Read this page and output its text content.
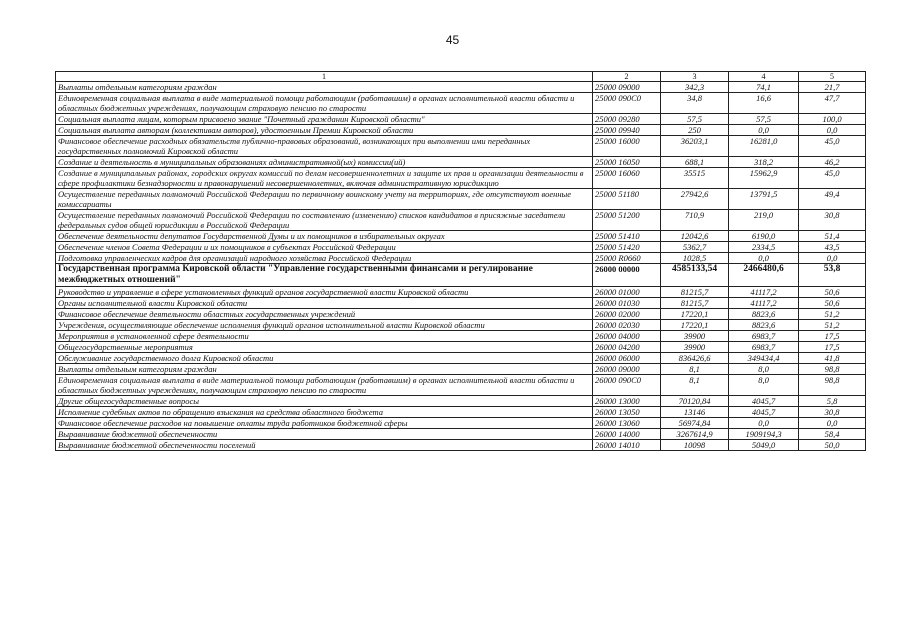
45
1	2	3	4	5
Выплаты отдельным категориям граждан	25000 09000	342,3	74,1	21,7
Единовременная социальная выплата в виде материальной помощи работающим (работавшим) в органах исполнительной власти области и областных бюджетных учреждениях, получающим страховую пенсию по старости	25000 090C0	34,8	16,6	47,7
Социальная выплата лицам, которым присвоено звание "Почетный гражданин Кировской области"	25000 09280	57,5	57,5	100,0
Социальная выплата авторам (коллективам авторов), удостоенным Премии Кировской области	25000 09940	250	0,0	0,0
Финансовое обеспечение расходных обязательств публично-правовых образований, возникающих при выполнении ими переданных государственных полномочий Кировской области	25000 16000	36203,1	16281,0	45,0
Создание и деятельность в муниципальных образованиях административной(ых) комиссии(ий)	25000 16050	688,1	318,2	46,2
Создание в муниципальных районах, городских округах комиссий по делам несовершеннолетних и защите их прав и организации деятельности в сфере профилактики безнадзорности и правонарушений несовершеннолетних, включая административную юрисдикцию	25000 16060	35515	15962,9	45,0
Осуществление переданных полномочий Российской Федерации по первичному воинскому учету на территориях, где отсутствуют военные комиссариаты	25000 51180	27942,6	13791,5	49,4
Осуществление переданных полномочий Российской Федерации по составлению (изменению) списков кандидатов в присяжные заседатели федеральных судов общей юрисдикции в Российской Федерации	25000 51200	710,9	219,0	30,8
Обеспечение деятельности депутатов Государственной Думы и их помощников в избирательных округах	25000 51410	12042,6	6190,0	51,4
Обеспечение членов Совета Федерации и их помощников в субъектах Российской Федерации	25000 51420	5362,7	2334,5	43,5
Подготовка управленческих кадров для организаций народного хозяйства Российской Федерации	25000 R0660	1028,5	0,0	0,0
Государственная программа Кировской области "Управление государственными финансами и регулирование межбюджетных отношений"	26000 00000	4585133,54	2466480,6	53,8
Руководство и управление в сфере установленных функций органов государственной власти Кировской области	26000 01000	81215,7	41117,2	50,6
Органы исполнительной власти Кировской области	26000 01030	81215,7	41117,2	50,6
Финансовое обеспечение деятельности областных государственных учреждений	26000 02000	17220,1	8823,6	51,2
Учреждения, осуществляющие обеспечение исполнения функций органов исполнительной власти Кировской области	26000 02030	17220,1	8823,6	51,2
Мероприятия в установленной сфере деятельности	26000 04000	39900	6983,7	17,5
Общегосударственные мероприятия	26000 04200	39900	6983,7	17,5
Обслуживание государственного долга Кировской области	26000 06000	836426,6	349434,4	41,8
Выплаты отдельным категориям граждан	26000 09000	8,1	8,0	98,8
Единовременная социальная выплата в виде материальной помощи работающим (работавшим) в органах исполнительной власти области и областных бюджетных учреждениях, получающим страховую пенсию по старости	26000 090C0	8,1	8,0	98,8
Другие общегосударственные вопросы	26000 13000	70120,84	4045,7	5,8
Исполнение судебных актов по обращению взыскания на средства областного бюджета	26000 13050	13146	4045,7	30,8
Финансовое обеспечение расходов на повышение оплаты труда работников бюджетной сферы	26000 13060	56974,84	0,0	0,0
Выравнивание бюджетной обеспеченности	26000 14000	3267614,9	1909194,3	58,4
Выравнивание бюджетной обеспеченности поселений	26000 14010	10098	5049,0	50,0
